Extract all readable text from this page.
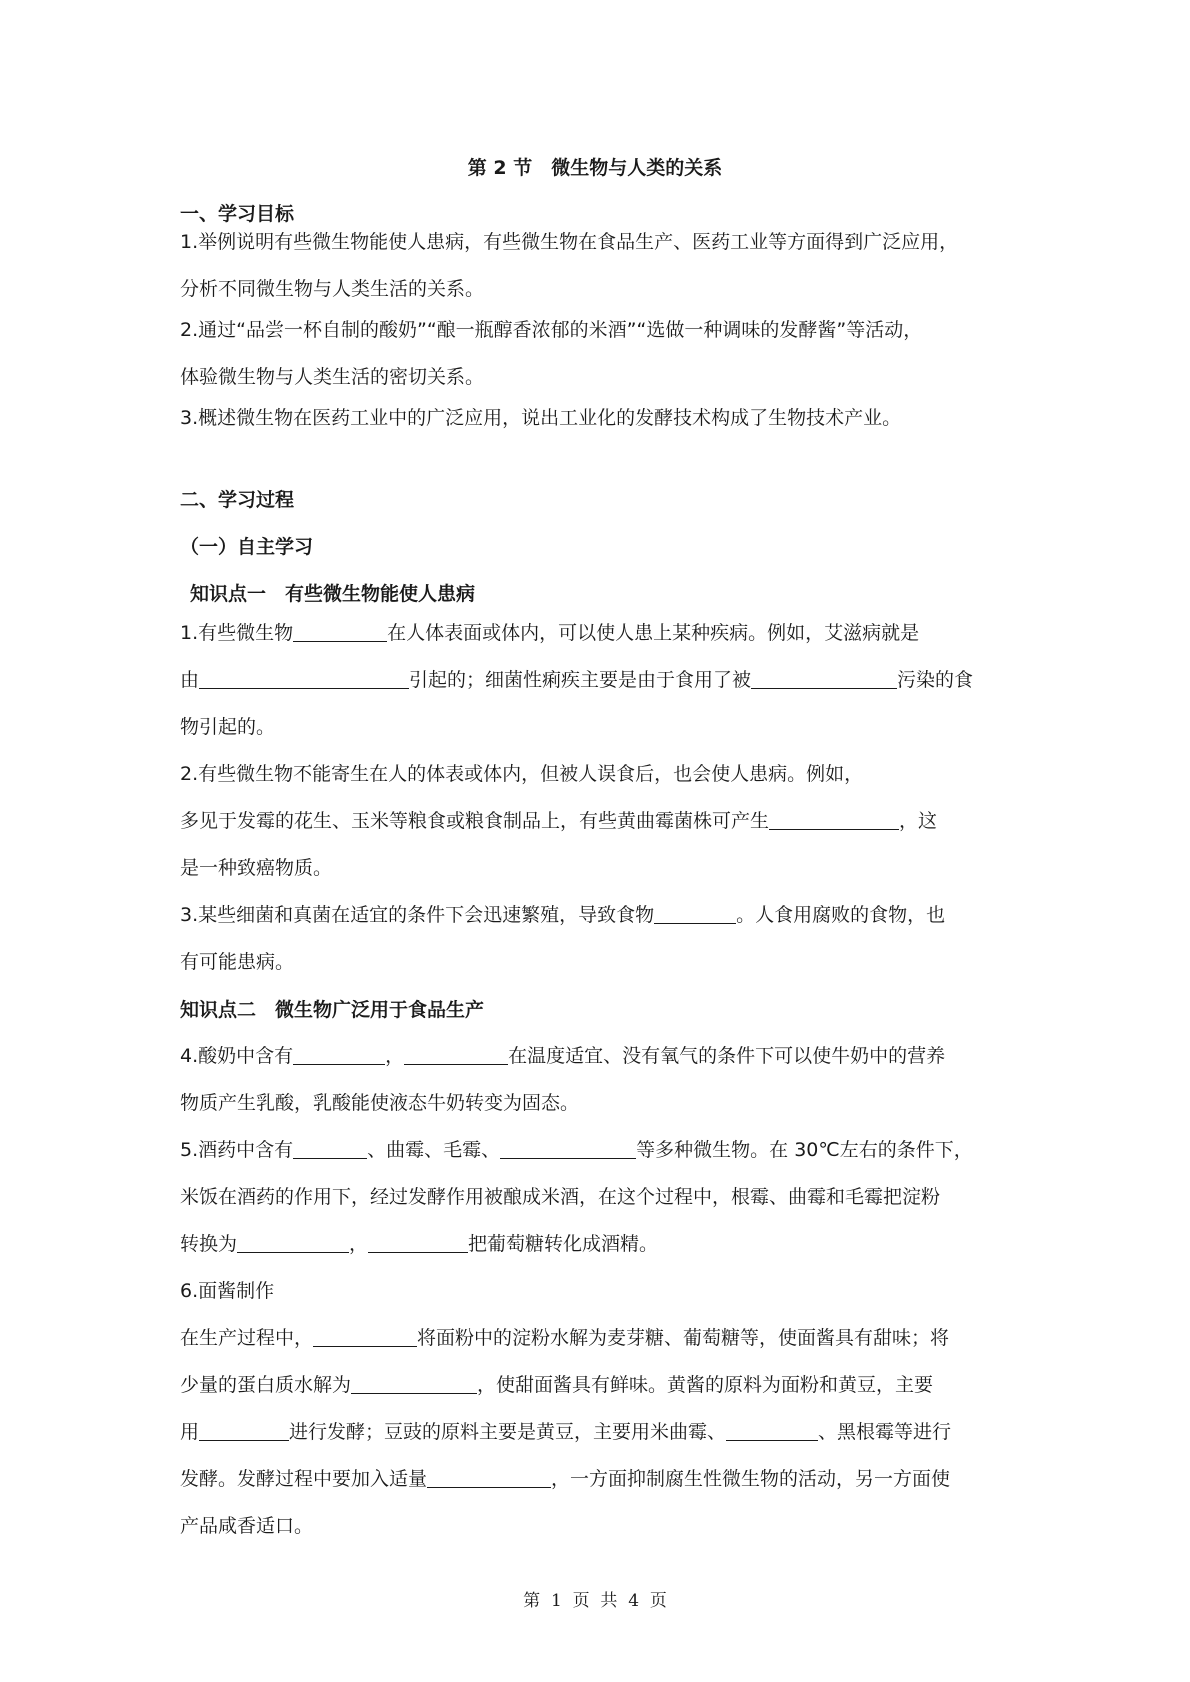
第 2 节　微生物与人类的关系
一、学习目标
1.举例说明有些微生物能使人患病，有些微生物在食品生产、医药工业等方面得到广泛应用，
分析不同微生物与人类生活的关系。
2.通过“品尝一杯自制的酸奶”“酿一瓶醇香浓郁的米酒”“选做一种调味的发酵酱”等活动，
体验微生物与人类生活的密切关系。
3.概述微生物在医药工业中的广泛应用，说出工业化的发酵技术构成了生物技术产业。
二、学习过程
（一）自主学习
知识点一　有些微生物能使人患病
1.有些微生物	在人体表面或体内，可以使人患上某种疾病。例如，艾滋病就是
由	引起的；细菌性痢疾主要是由于食用了被	污染的食
物引起的。
2.有些微生物不能寄生在人的体表或体内，但被人误食后，也会使人患病。例如，
多见于发霉的花生、玉米等粮食或粮食制品上，有些黄曲霉菌株可产生	，这
是一种致癌物质。
3.某些细菌和真菌在适宜的条件下会迅速繁殖，导致食物	。人食用腐败的食物，也
有可能患病。
知识点二　微生物广泛用于食品生产
4.酸奶中含有	，	在温度适宜、没有氧气的条件下可以使牛奶中的营养
物质产生乳酸，乳酸能使液态牛奶转变为固态。
5.酒药中含有	、曲霉、毛霉、	等多种微生物。在 30℃左右的条件下，
米饭在酒药的作用下，经过发酵作用被酿成米酒，在这个过程中，根霉、曲霉和毛霉把淀粉
转换为	，	把葡萄糖转化成酒精。
6.面酱制作
在生产过程中，	将面粉中的淀粉水解为麦芽糖、葡萄糖等，使面酱具有甜味；将
少量的蛋白质水解为	，使甜面酱具有鲜味。黄酱的原料为面粉和黄豆，主要
用	进行发酵；豆豉的原料主要是黄豆，主要用米曲霉、	、黑根霉等进行
发酵。发酵过程中要加入适量	，一方面抑制腐生性微生物的活动，另一方面使
产品咸香适口。
第  1  页  共  4  页
